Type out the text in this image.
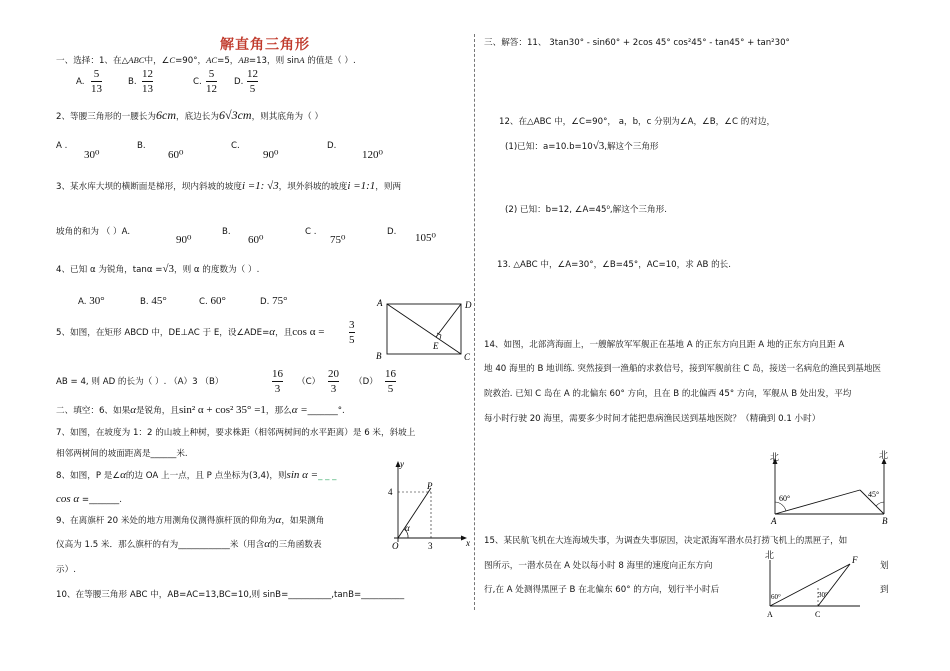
解直角三角形
一、选择：1、在△ABC中，∠C=90°，AC=5，AB=13，则 sinA 的值是（ ）.
A.
5
13
B.
12
13
C.
5
12
D.
12
5
2、等腰三角形的一腰长为6cm，底边长为6√3cm，则其底角为（ ）
A .
30⁰
B.
60⁰
C.
90⁰
D.
120⁰
3、某水库大坝的横断面是梯形，坝内斜坡的坡度i =1: √3，坝外斜坡的坡度i =1:1，则两
坡角的和为 （ ）A.
90⁰
B.
60⁰
C .
75⁰
D. 105⁰
4、已知 α 为锐角，tanα =√3，则 α 的度数为（ ）.
A. 30°	B. 45°	C. 60°	D. 75°
5、如图，在矩形 ABCD 中，DE⊥AC 于 E，设∠ADE=α，且cos α =
3
5
AB = 4, 则 AD 的长为（ ）. （A）3 （B）
16
3
（C）
20
3
（D）
16
5
A
B	C
D
E
二、填空：6、如果α是锐角，且sin² α + cos² 35° =1，那么α =_______°.
7、如图，在坡度为 1：2 的山坡上种树，要求株距（相邻两树间的水平距离）是 6 米，斜坡上
相邻两树间的坡面距离是______米.
8、如图，P 是∠α的边 OA 上一点，且 P 点坐标为(3,4)，则sin α =_ _ _
cos α =_______.
y
x
P
4
O	3
α
9、在离旗杆 20 米处的地方用测角仪测得旗杆顶的仰角为α，如果测角
仪高为 1.5 米．那么旗杆的有为____________米（用含α的三角函数表
示）.
10、在等腰三角形 ABC 中，AB=AC=13,BC=10,则 sinB=__________,tanB=__________
三、解答：11、 3tan30° - sin60° + 2cos 45° cos²45° - tan45° + tan²30°
12、在△ABC 中，∠C=90°， a，b，c 分别为∠A，∠B，∠C 的对边，
(1)已知：a=10.b=10√3,解这个三角形
(2) 已知：b=12, ∠A=45⁰,解这个三角形.
13. △ABC 中，∠A=30°，∠B=45°，AC=10，求 AB 的长.
14、如图，北部湾海面上，一艘解放军军舰正在基地 A 的正东方向且距 A 地的正东方向且距 A
地 40 海里的 B 地训练. 突然接到一渔船的求救信号，接到军舰前往 C 岛，接送一名病危的渔民到基地医
院救治. 已知 C 岛在 A 的北偏东 60° 方向，且在 B 的北偏西 45° 方向，军舰从 B 处出发，平均
每小时行驶 20 海里，需要多少时间才能把患病渔民送到基地医院？（精确到 0.1 小时）
北	北
60°	45°
A	B
15、某民航飞机在大连海域失事，为调查失事原因，决定派海军潜水员打捞飞机上的黑匣子，如
图所示，一潜水员在 A 处以每小时 8 海里的速度向正东方向	划
行,在 A 处测得黑匣子 B 在北偏东 60° 的方向，划行半小时后	到
北	F
60°	30°
A	C
